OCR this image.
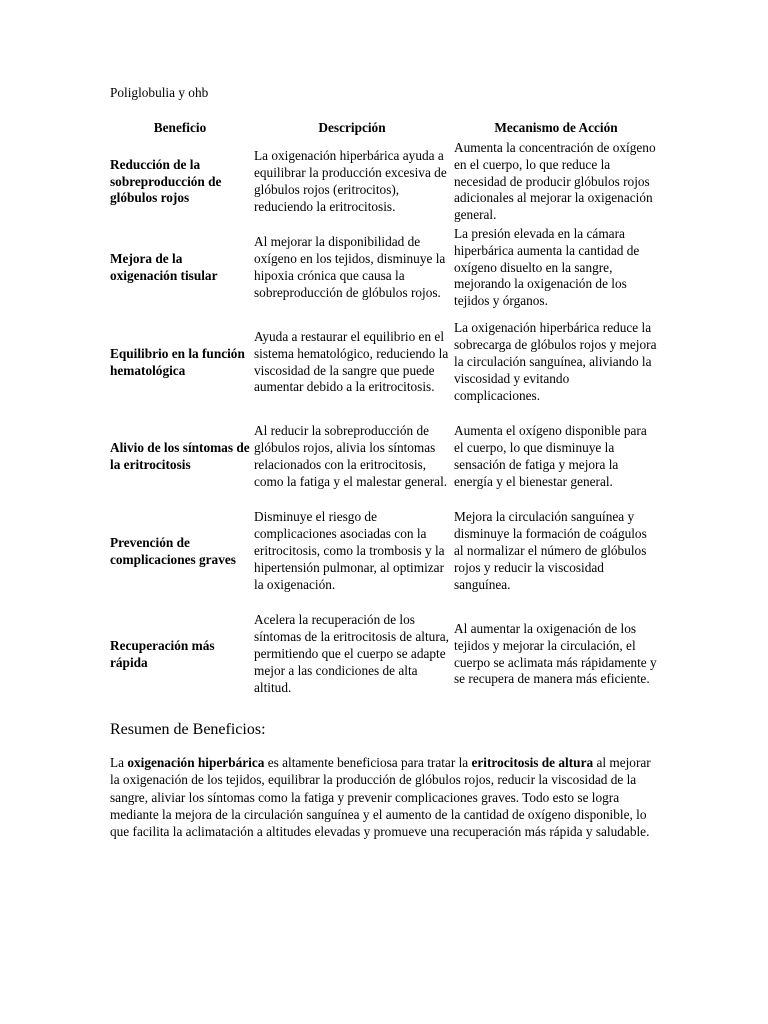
Poliglobulia y ohb

Beneficio	Descripción	Mecanismo de Acción
Reducción de la sobreproducción de glóbulos rojos	La oxigenación hiperbárica ayuda a equilibrar la producción excesiva de glóbulos rojos (eritrocitos), reduciendo la eritrocitosis.	Aumenta la concentración de oxígeno en el cuerpo, lo que reduce la necesidad de producir glóbulos rojos adicionales al mejorar la oxigenación general.
Mejora de la oxigenación tisular	Al mejorar la disponibilidad de oxígeno en los tejidos, disminuye la hipoxia crónica que causa la sobreproducción de glóbulos rojos.	La presión elevada en la cámara hiperbárica aumenta la cantidad de oxígeno disuelto en la sangre, mejorando la oxigenación de los tejidos y órganos.
Equilibrio en la función hematológica	Ayuda a restaurar el equilibrio en el sistema hematológico, reduciendo la viscosidad de la sangre que puede aumentar debido a la eritrocitosis.	La oxigenación hiperbárica reduce la sobrecarga de glóbulos rojos y mejora la circulación sanguínea, aliviando la viscosidad y evitando complicaciones.
Alivio de los síntomas de la eritrocitosis	Al reducir la sobreproducción de glóbulos rojos, alivia los síntomas relacionados con la eritrocitosis, como la fatiga y el malestar general.	Aumenta el oxígeno disponible para el cuerpo, lo que disminuye la sensación de fatiga y mejora la energía y el bienestar general.
Prevención de complicaciones graves	Disminuye el riesgo de complicaciones asociadas con la eritrocitosis, como la trombosis y la hipertensión pulmonar, al optimizar la oxigenación.	Mejora la circulación sanguínea y disminuye la formación de coágulos al normalizar el número de glóbulos rojos y reducir la viscosidad sanguínea.
Recuperación más rápida	Acelera la recuperación de los síntomas de la eritrocitosis de altura, permitiendo que el cuerpo se adapte mejor a las condiciones de alta altitud.	Al aumentar la oxigenación de los tejidos y mejorar la circulación, el cuerpo se aclimata más rápidamente y se recupera de manera más eficiente.
Resumen de Beneficios:

La oxigenación hiperbárica es altamente beneficiosa para tratar la eritrocitosis de altura al mejorar la oxigenación de los tejidos, equilibrar la producción de glóbulos rojos, reducir la viscosidad de la sangre, aliviar los síntomas como la fatiga y prevenir complicaciones graves. Todo esto se logra mediante la mejora de la circulación sanguínea y el aumento de la cantidad de oxígeno disponible, lo que facilita la aclimatación a altitudes elevadas y promueve una recuperación más rápida y saludable.
